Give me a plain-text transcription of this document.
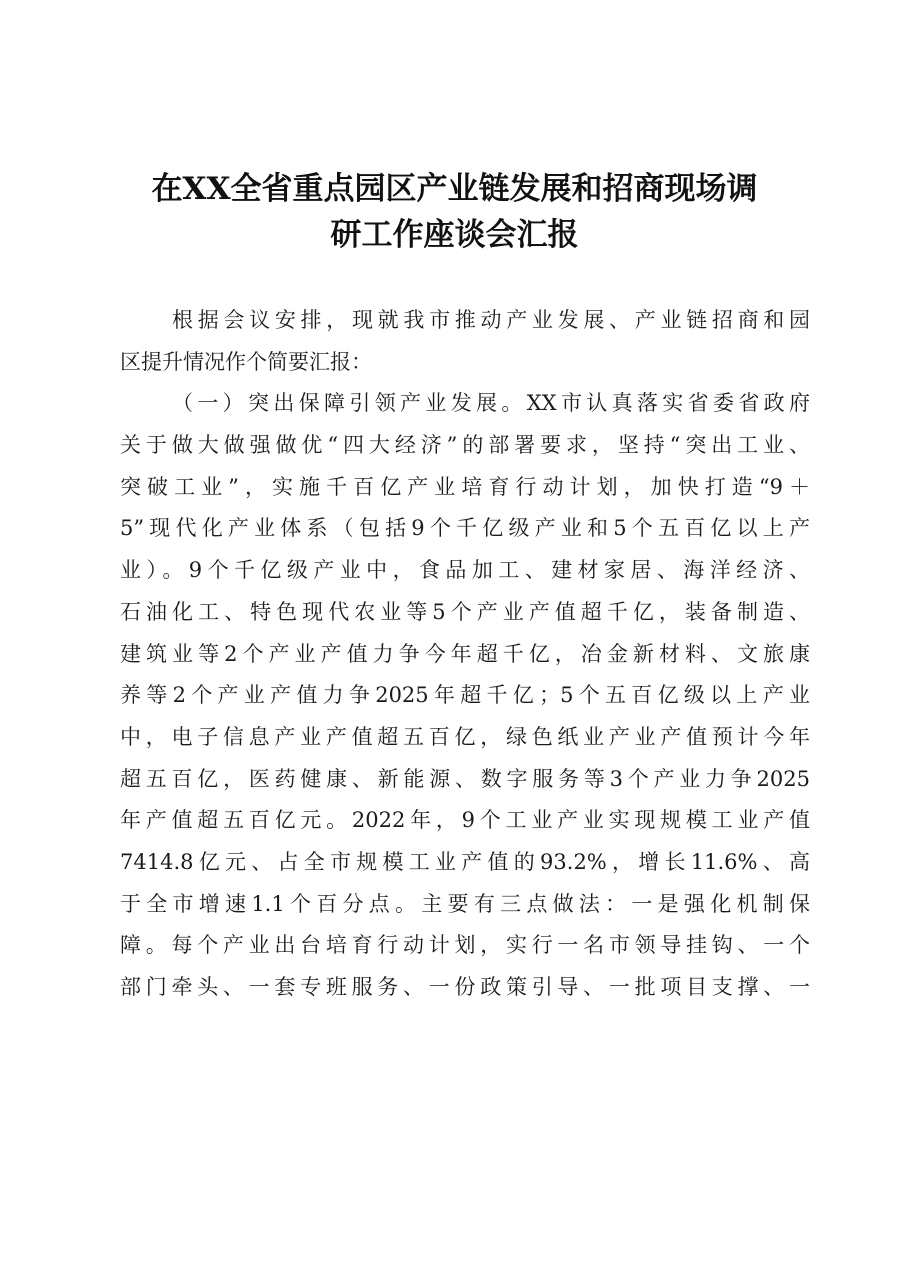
在XX全省重点园区产业链发展和招商现场调
研工作座谈会汇报
根据会议安排，现就我市推动产业发展、产业链招商和园
区提升情况作个简要汇报：
（一）突出保障引领产业发展。XX市认真落实省委省政府
关于做大做强做优“四大经济”的部署要求，坚持“突出工业、
突破工业”，实施千百亿产业培育行动计划，加快打造“9＋
5”现代化产业体系（包括9个千亿级产业和5个五百亿以上产
业）。9个千亿级产业中，食品加工、建材家居、海洋经济、
石油化工、特色现代农业等5个产业产值超千亿，装备制造、
建筑业等2个产业产值力争今年超千亿，冶金新材料、文旅康
养等2个产业产值力争2025年超千亿；5个五百亿级以上产业
中，电子信息产业产值超五百亿，绿色纸业产业产值预计今年
超五百亿，医药健康、新能源、数字服务等3个产业力争2025
年产值超五百亿元。2022年，9个工业产业实现规模工业产值
7414.8亿元、占全市规模工业产值的93.2%，增长11.6%、高
于全市增速1.1个百分点。主要有三点做法：一是强化机制保
障。每个产业出台培育行动计划，实行一名市领导挂钩、一个
部门牵头、一套专班服务、一份政策引导、一批项目支撑、一
